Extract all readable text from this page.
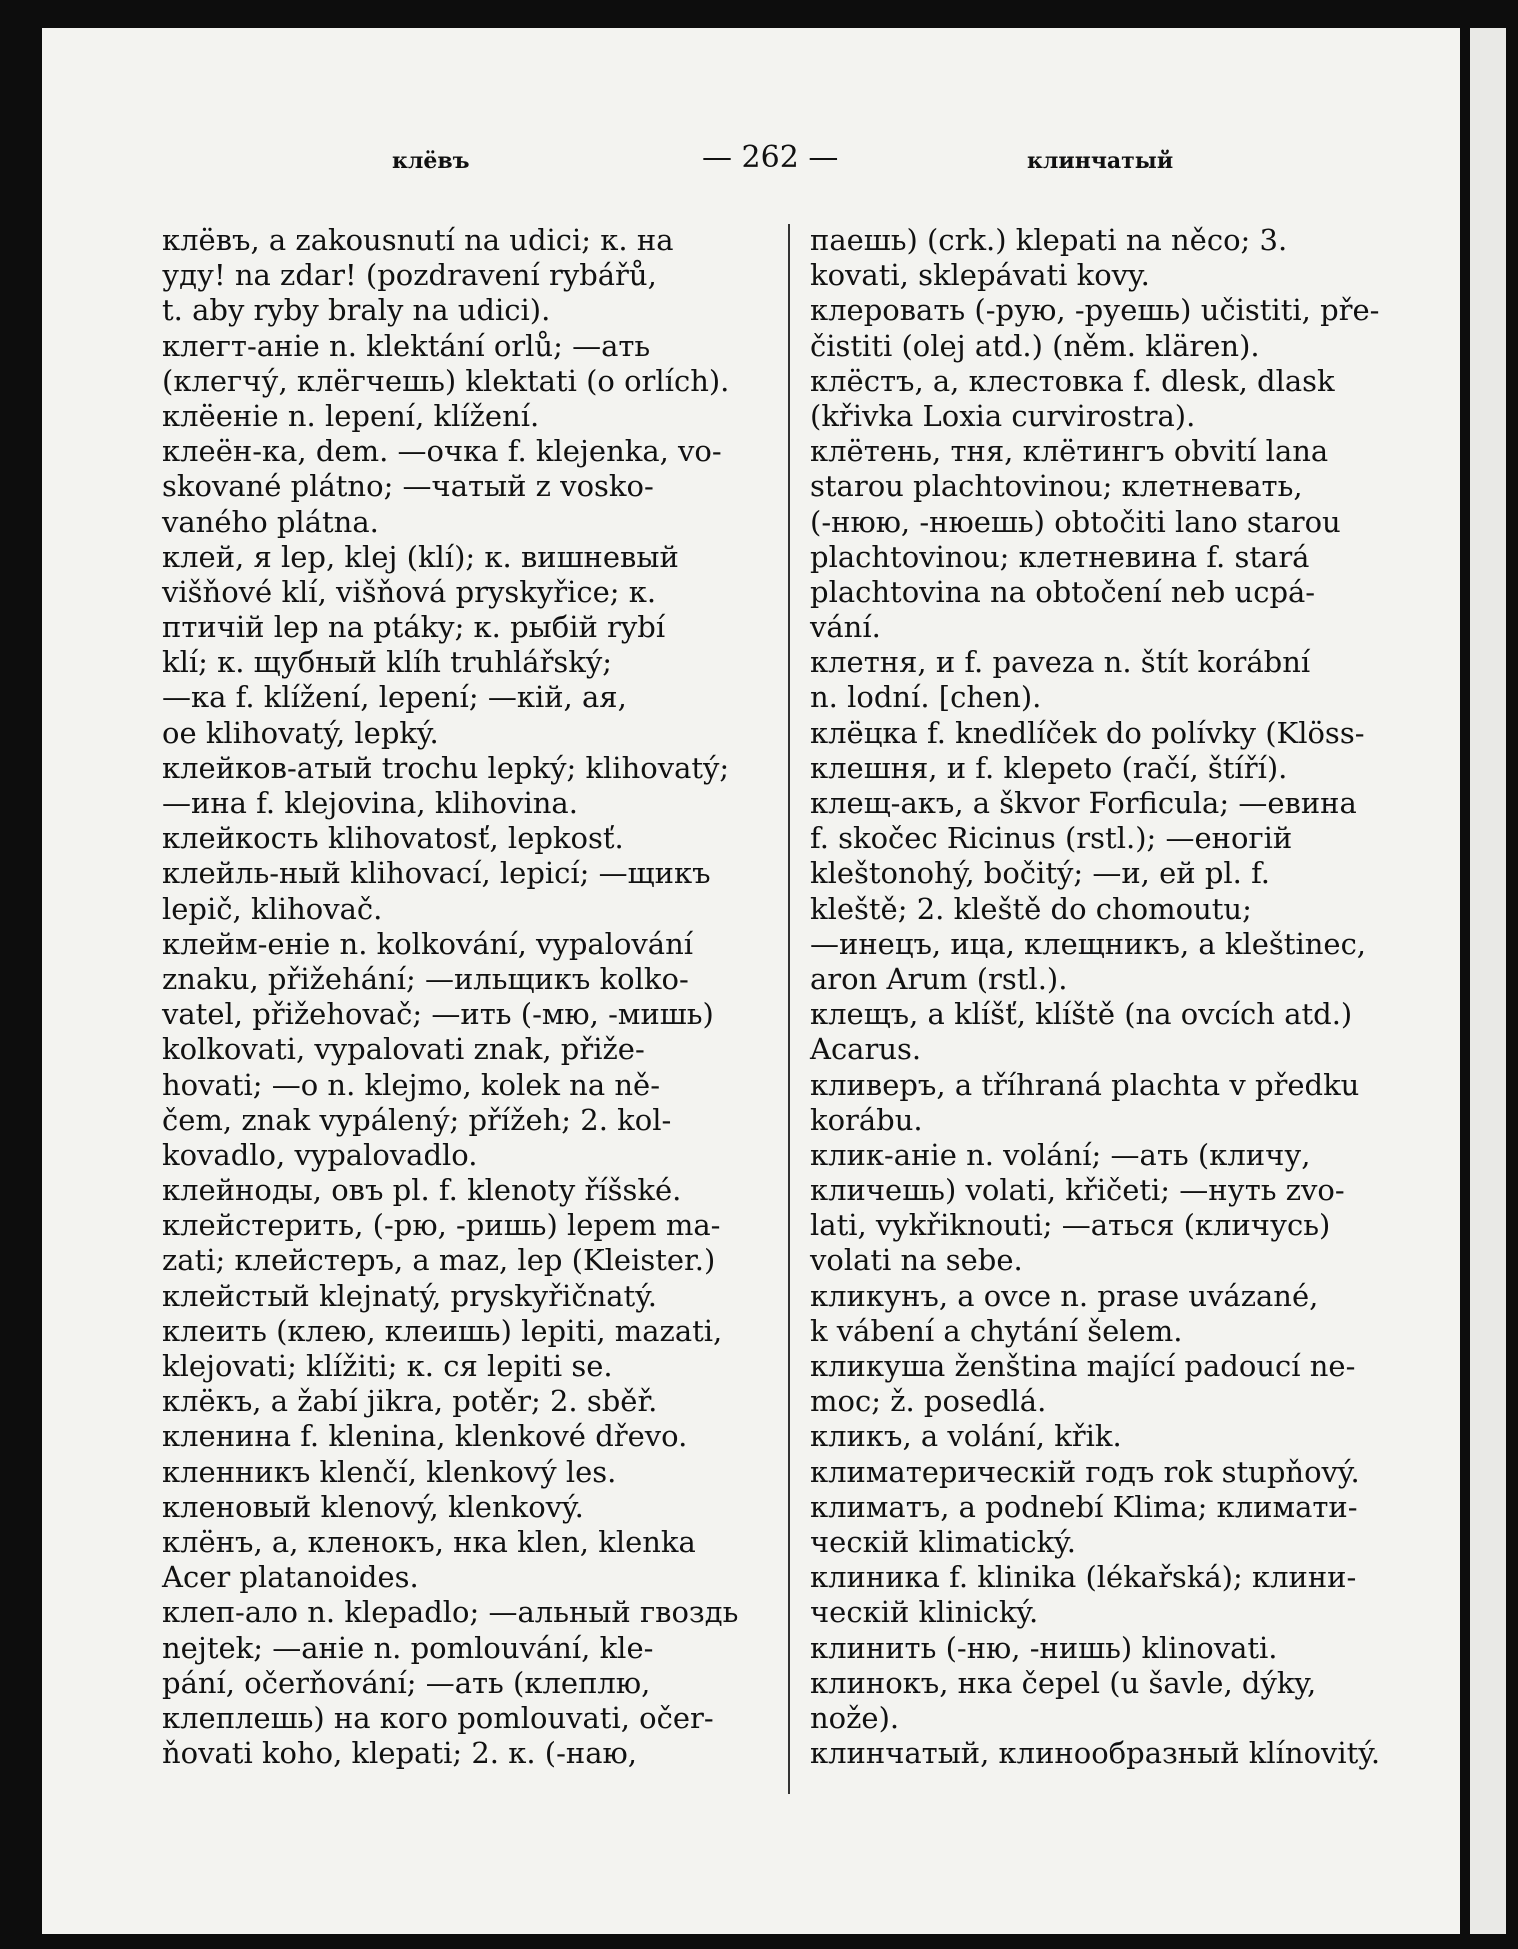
клёвъ	— 262 —	клинчатый
клёвъ, a zakousnutí na udici; к. на
уду! na zdar! (pozdravení rybářů,
t. aby ryby braly na udici).
клегт-аніе n. klektání orlů; —ать
(клегчу́, клёгчешь) klektati (o orlích).
клёеніе n. lepení, klížení.
клеён-ка, dem. —очка f. klejenka, vo-
skované plátno; —чатый z vosko-
vaného plátna.
клей, я lep, klej (klí); к. вишневый
višňové klí, višňová pryskyřice; к.
птичій lep na ptáky; к. рыбій rybí
klí; к. щубный klíh truhlářský;
—ка f. klížení, lepení; —кій, ая,
ое klihovatý, lepký.
клейков-атый trochu lepký; klihovatý;
—ина f. klejovina, klihovina.
клейкость klihovatosť, lepkosť.
клейль-ный klihovací, lepicí; —щикъ
lepič, klihovač.
клейм-еніе n. kolkování, vypalování
znaku, přižehání; —ильщикъ kolko-
vatel, přižehovač; —ить (-мю, -мишь)
kolkovati, vypalovati znak, přiže-
hovati; —о n. klejmo, kolek na ně-
čem, znak vypálený; přížeh; 2. kol-
kovadlo, vypalovadlo.
клейноды, овъ pl. f. klenoty říšské.
клейстерить, (-рю, -ришь) lepem ma-
zati; клейстеръ, a maz, lep (Kleister.)
клейстый klejnatý, pryskyřičnatý.
клеить (клею, клеишь) lepiti, mazati,
klejovati; klížiti; к. ся lepiti se.
клёкъ, a žabí jikra, potěr; 2. sběř.
кленина f. klenina, klenkové dřevo.
кленникъ klenčí, klenkový les.
кленовый klenový, klenkový.
клёнъ, a, кленокъ, нка klen, klenka
Acer platanoides.
клеп-ало n. klepadlo; —альный гвоздь
nejtek; —аніе n. pomlouvání, kle-
pání, očerňování; —ать (клеплю,
клеплешь) на кого pomlouvati, očer-
ňovati koho, klepati; 2. к. (-наю,
паешь) (crk.) klepati na něco; 3.
kovati, sklepávati kovy.
клеровать (-рую, -руешь) učistiti, pře-
čistiti (olej atd.) (něm. klären).
клёстъ, a, клестовка f. dlesk, dlask
(křivka Loxia curvirostra).
клётень, тня, клётингъ obvití lana
starou plachtovinou; клетневать,
(-нюю, -нюешь) obtočiti lano starou
plachtovinou; клетневина f. stará
plachtovina na obtočení neb ucpá-
vání.
клетня, и f. paveza n. štít korábní
n. lodní. [chen).
клёцка f. knedlíček do polívky (Klöss-
клешня, и f. klepeto (račí, štíří).
клещ-акъ, a škvor Forficula; —евина
f. skočec Ricinus (rstl.); —еногій
kleštonohý, bočitý; —и, ей pl. f.
kleště; 2. kleště do chomoutu;
—инецъ, ица, клещникъ, a kleštinec,
aron Arum (rstl.).
клещъ, а klíšť, klíště (na ovcích atd.)
Acarus.
кливеръ, a tříhraná plachta v předku
korábu.
клик-аніе n. volání; —ать (кличу,
кличешь) volati, křičeti; —нуть zvo-
lati, vykřiknouti; —аться (кличусь)
volati na sebe.
кликунъ, а ovce n. prase uvázané,
k vábení a chytání šelem.
кликуша ženština mající padoucí ne-
moc; ž. posedlá.
кликъ, a volání, křik.
климатерическій годъ rok stupňový.
климатъ, a podnebí Klima; климати-
ческій klimatický.
клиника f. klinika (lékařská); клини-
ческій klinický.
клинить (-ню, -нишь) klinovati.
клинокъ, нка čepel (u šavle, dýky,
nože).
клинчатый, клинообразный klínovitý.
